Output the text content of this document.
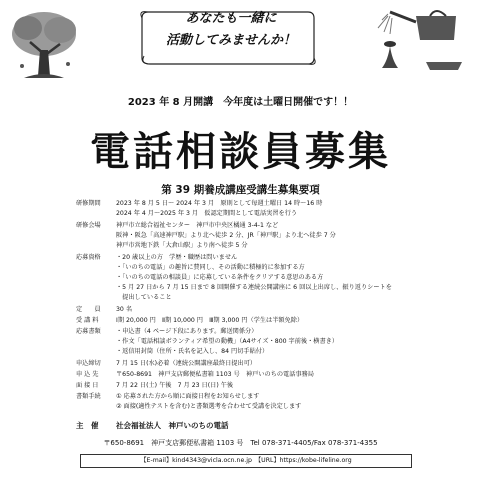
あなたも一緒に
活動してみませんか！
2023 年 8 月開講　今年度は土曜日開催です！！
電話相談員募集
第 39 期養成講座受講生募集要項
研修期間 2023 年 8 月 5 日～ 2024 年 3 月　原則として毎週土曜日 14 時～16 時
2024 年 4 月～2025 年 3 月　仮認定期間として電話実習を行う
研修会場 神戸市立総合福祉センター　神戸市中央区橘通 3-4-1 など
阪神・阪急「高速神戸駅」より北へ徒歩 2 分、JR「神戸駅」より北へ徒歩 7 分
神戸市営地下鉄「大倉山駅」より南へ徒歩 5 分
応募資格 ・20 歳以上の方　学歴・職歴は問いません
・「いのちの電話」の趣旨に賛同し、その活動に積極的に参加する方
・「いのちの電話の相談員」に応募している条件をクリアする意思のある方
・5 月 27 日から 7 月 15 日まで 8 回開催する連続公開講座に 6 回以上出席し、振り返りシートを
　提出していること
定　　員 30 名
受 講 料	Ⅰ期 20,000 円　Ⅱ期 10,000 円　Ⅲ期 3,000 円（学生は半額免除）
応募書類 ・申込書（4 ページ下段にあります。郵送関係分）
・作文「電話相談ボランティア希望の動機」（A4サイズ・800 字前後・横書き）
・返信用封筒（住所・氏名を記入し、84 円切手貼付）
申込締切 7 月 15 日(水)必着（連続公開講座最終日提出可）
申 込 先	〒650-8691　神戸支店郵便私書箱 1103 号　神戸いのちの電話事務局
面 接 日	7 月 22 日(土) 午後　7 月 23 日(日) 午後
書類手続 ① 応募された方から順に面接日程をお知らせします
② 面接(適性テストを含む)と書類選考を合わせて受講を決定します
主　催 社会福祉法人　神戸いのちの電話
〒650-8691　神戸支店郵便私書箱 1103 号　Tel 078-371-4405/Fax 078-371-4355
【E-mail】kind4343@vicla.ocn.ne.jp　【URL】https://kobe-lifeline.org
